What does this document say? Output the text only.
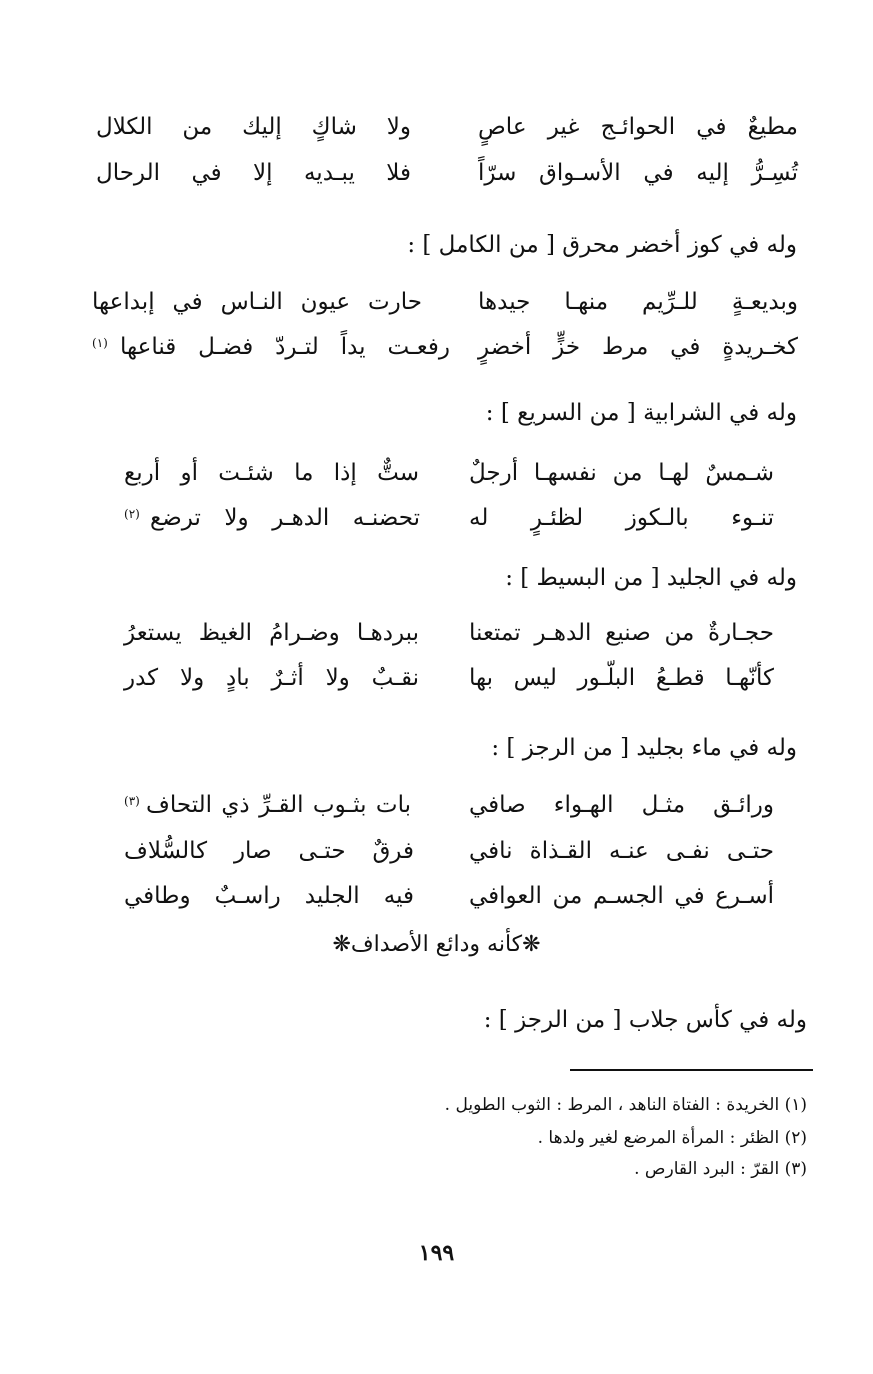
مطيعٌ في الحوائـج غير عاصٍ
ولا شاكٍ إليك من الكلال
تُسِـرُّ إليه في الأسـواق سرّاً
فلا يبـديه إلا في الرحال
وله في كوز أخضر محرق [ من الكامل ] :
وبديعـةٍ للـرِّيم منهـا جيدها
حارت عيون النـاس في إبداعها
كخـريدةٍ في مرط خزٍّ أخضرٍ
رفعـت يداً لتـردّ فضـل قناعها
(١)
وله في الشرابية [ من السريع ] :
شـمسٌ لهـا من نفسهـا أرجلٌ
ستٌّ إذا ما شئـت أو أربع
تنـوء بالـكوز لظئـرٍ له
تحضنـه الدهـر ولا ترضع
(٢)
وله في الجليد [ من البسيط ] :
حجـارةٌ من صنيع الدهـر تمتعنا
ببردهـا وضـرامُ الغيظ يستعرُ
كأنّهـا قطـعُ البلّـور ليس بها
نقـبٌ ولا أثـرٌ بادٍ ولا كدر
وله في ماء بجليد [ من الرجز ] :
ورائـق مثـل الهـواء صافي
بات بثـوب القـرِّ ذي التحاف
(٣)
حتـى نفـى عنـه القـذاة نافي
فرقٌ حتـى صار كالسُّلاف
أسـرع في الجسـم من العوافي
فيه الجليد راسـبٌ وطافي
❋كأنه ودائع الأصداف❋
وله في كأس جلاب [ من الرجز ] :
(١) الخريدة : الفتاة الناهد ، المرط : الثوب الطويل .
(٢) الظئر : المرأة المرضع لغير ولدها .
(٣) القرّ : البرد القارص .
١٩٩
